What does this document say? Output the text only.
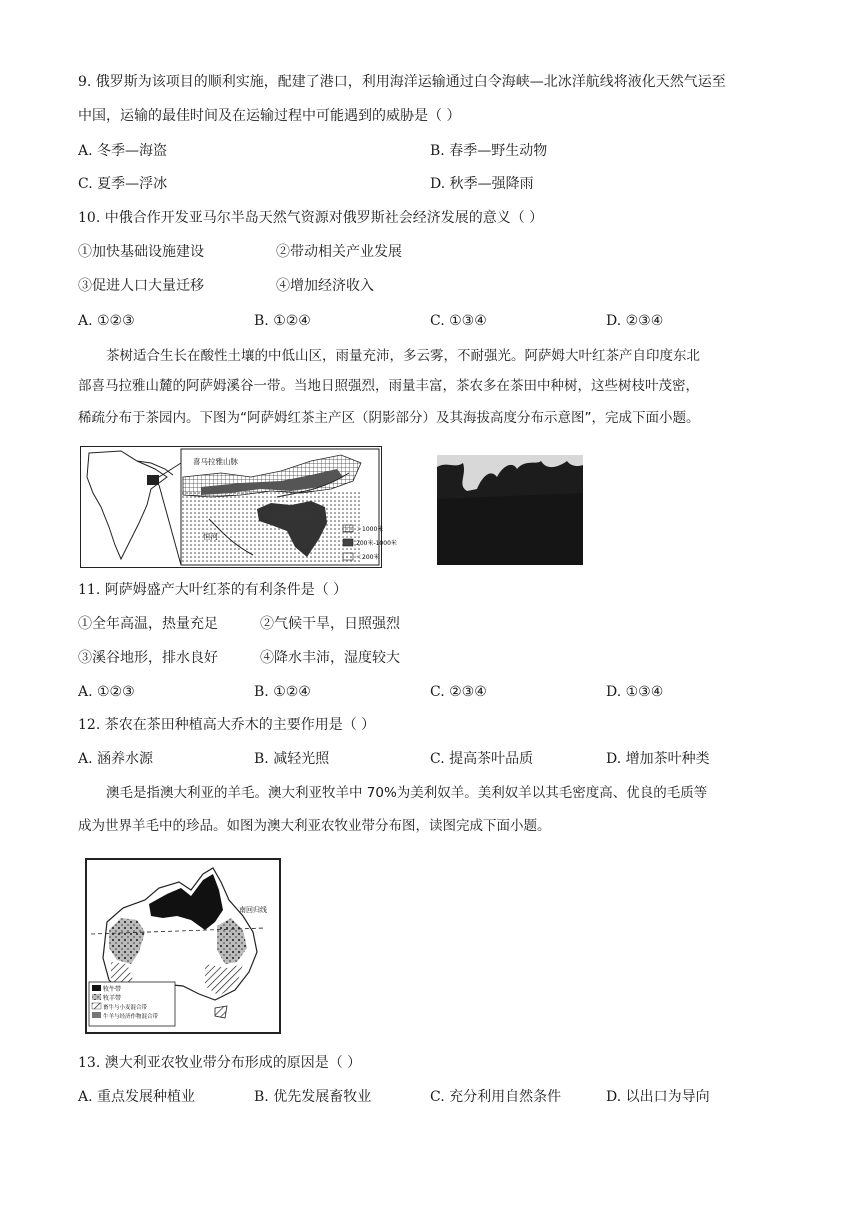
9. 俄罗斯为该项目的顺利实施，配建了港口，利用海洋运输通过白令海峡—北冰洋航线将液化天然气运至
中国，运输的最佳时间及在运输过程中可能遇到的威胁是（ ）
A. 冬季—海盗	B. 春季—野生动物
C. 夏季—浮冰	D. 秋季—强降雨
10. 中俄合作开发亚马尔半岛天然气资源对俄罗斯社会经济发展的意义（ ）
①加快基础设施建设	②带动相关产业发展
③促进人口大量迁移	④增加经济收入
A. ①②③	B. ①②④	C. ①③④	D. ②③④
茶树适合生长在酸性土壤的中低山区，雨量充沛，多云雾，不耐强光。阿萨姆大叶红茶产自印度东北
部喜马拉雅山麓的阿萨姆溪谷一带。当地日照强烈，雨量丰富，茶农多在茶田中种树，这些树枝叶茂密，
稀疏分布于茶园内。下图为“阿萨姆红茶主产区（阴影部分）及其海拔高度分布示意图”，完成下面小题。
喜马拉雅山脉
恒河
＞1000米
200米-1000米
＜200米
11. 阿萨姆盛产大叶红茶的有利条件是（ ）
①全年高温，热量充足	②气候干旱，日照强烈
③溪谷地形，排水良好	④降水丰沛，湿度较大
A. ①②③	B. ①②④	C. ②③④	D. ①③④
12. 茶农在茶田种植高大乔木的主要作用是（ ）
A. 涵养水源	B. 减轻光照	C. 提高茶叶品质	D. 增加茶叶种类
澳毛是指澳大利亚的羊毛。澳大利亚牧羊中 70%为美利奴羊。美利奴羊以其毛密度高、优良的毛质等
成为世界羊毛中的珍品。如图为澳大利亚农牧业带分布图，读图完成下面小题。
南回归线
牧牛带
牧羊带
畜牛与小麦混合带
牛羊与经济作物混合带
13. 澳大利亚农牧业带分布形成的原因是（ ）
A. 重点发展种植业	B. 优先发展畜牧业	C. 充分利用自然条件	D. 以出口为导向
